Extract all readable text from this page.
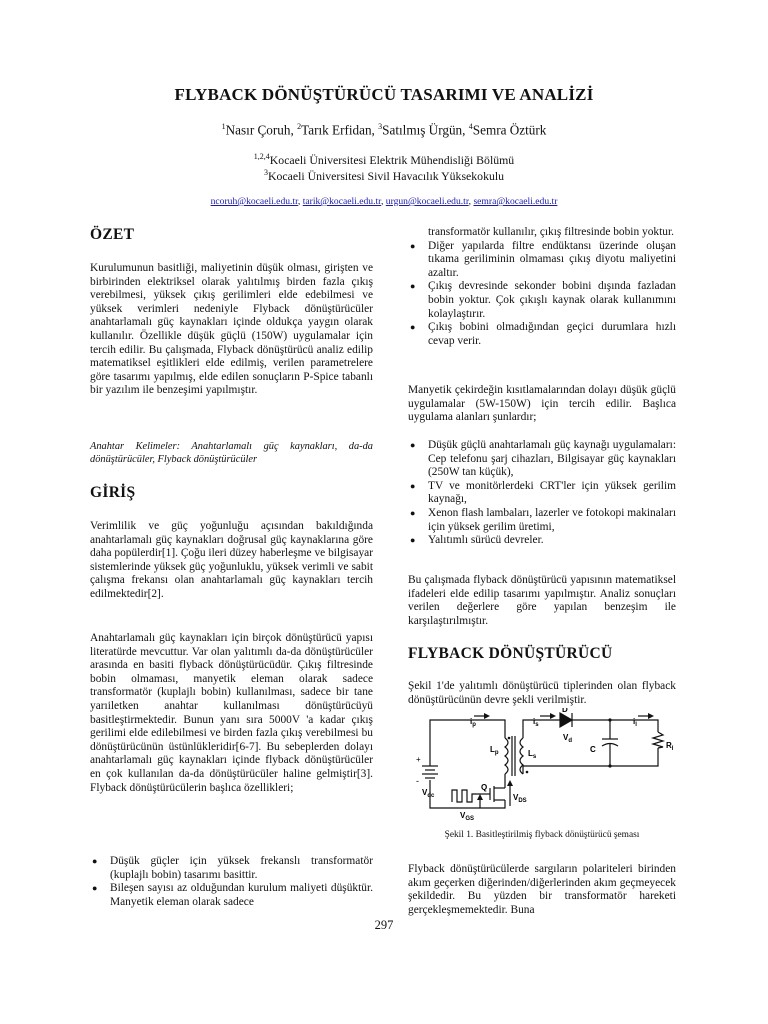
FLYBACK DÖNÜŞTÜRÜCÜ TASARIMI VE ANALİZİ
$^1$Nasır Çoruh, $^2$Tarık Erfidan, $^3$Satılmış Ürgün, $^4$Semra Öztürk
$^{1,2,4}$Kocaeli Üniversitesi Elektrik Mühendisliği Bölümü
$^3$Kocaeli Üniversitesi Sivil Havacılık Yüksekokulu
ncoruh@kocaeli.edu.tr, tarik@kocaeli.edu.tr, urgun@kocaeli.edu.tr, semra@kocaeli.edu.tr
ÖZET

Kurulumunun basitliği, maliyetinin düşük olması, girişten ve birbirinden elektriksel olarak yalıtılmış birden fazla çıkış verebilmesi, yüksek çıkış gerilimleri elde edebilmesi ve yüksek verimleri nedeniyle Flyback dönüştürücüler anahtarlamalı güç kaynakları içinde oldukça yaygın olarak kullanılır. Özellikle düşük güçlü (150W) uygulamalar için tercih edilir. Bu çalışmada, Flyback dönüştürücü analiz edilip matematiksel eşitlikleri elde edilmiş, verilen parametrelere göre tasarımı yapılmış, elde edilen sonuçların P-Spice tabanlı bir yazılım ile benzeşimi yapılmıştır.

Anahtar Kelimeler: Anahtarlamalı güç kaynakları, da-da dönüştürücüler, Flyback dönüştürücüler
GİRİŞ

Verimlilik ve güç yoğunluğu açısından bakıldığında anahtarlamalı güç kaynakları doğrusal güç kaynaklarına göre daha popülerdir[1]. Çoğu ileri düzey haberleşme ve bilgisayar sistemlerinde yüksek güç yoğunluklu, yüksek verimli ve sabit çalışma frekansı olan anahtarlamalı güç kaynakları tercih edilmektedir[2].

Anahtarlamalı güç kaynakları için birçok dönüştürücü yapısı literatürde mevcuttur. Var olan yalıtımlı da-da dönüştürücüler arasında en basiti flyback dönüştürücüdür. Çıkış filtresinde bobin olmaması, manyetik eleman olarak sadece transformatör (kuplajlı bobin) kullanılması, sadece bir tane yarıiletken anahtar kullanılması dönüştürücüyü basitleştirmektedir. Bunun yanı sıra 5000V 'a kadar çıkış gerilimi elde edilebilmesi ve birden fazla çıkış verebilmesi bu dönüştürücünün üstünlükleridir[6-7]. Bu sebeplerden dolayı anahtarlamalı güç kaynakları içinde flyback dönüştürücüler en çok kullanılan da-da dönüştürücüler haline gelmiştir[3]. Flyback dönüştürücülerin başlıca özellikleri;

● Düşük güçler için yüksek frekanslı transformatör (kuplajlı bobin) tasarımı basittir.
● Bileşen sayısı az olduğundan kurulum maliyeti düşüktür. Manyetik eleman olarak sadece

transformatör kullanılır, çıkış filtresinde bobin yoktur.

● Diğer yapılarda filtre endüktansı üzerinde oluşan tıkama geriliminin olmaması çıkış diyotu maliyetini azaltır.
● Çıkış devresinde sekonder bobini dışında fazladan bobin yoktur. Çok çıkışlı kaynak olarak kullanımını kolaylaştırır.
● Çıkış bobini olmadığından geçici durumlara hızlı cevap verir.

Manyetik çekirdeğin kısıtlamalarından dolayı düşük güçlü uygulamalar (5W-150W) için tercih edilir. Başlıca uygulama alanları şunlardır;

● Düşük güçlü anahtarlamalı güç kaynağı uygulamaları: Cep telefonu şarj cihazları, Bilgisayar güç kaynakları (250W tan küçük),
● TV ve monitörlerdeki CRT'ler için yüksek gerilim kaynağı,
● Xenon flash lambaları, lazerler ve fotokopi makinaları için yüksek gerilim üretimi,
● Yalıtımlı sürücü devreler.

Bu çalışmada flyback dönüştürücü yapısının matematiksel ifadeleri elde edilip tasarımı yapılmıştır. Analiz sonuçları verilen değerlere göre yapılan benzeşim ile karşılaştırılmıştır.

FLYBACK DÖNÜŞTÜRÜCÜ

Şekil 1'de yalıtımlı dönüştürücü tiplerinden olan flyback dönüştürücünün devre şekli verilmiştir.

+
-
$V_{dc}$
$i_p$	$i_s$	$i_l$
D
$V_d$
$L_p$	$L_s$
C	$R_l$
Q
$V_{DS}$
$V_{GS}$
Şekil 1. Basitleştirilmiş flyback dönüştürücü şeması

Flyback dönüştürücülerde sargıların polariteleri birinden akım geçerken diğerinden/diğerlerinden akım geçmeyecek şekildedir. Bu yüzden bir transformatör hareketi gerçekleşmemektedir. Buna

297
